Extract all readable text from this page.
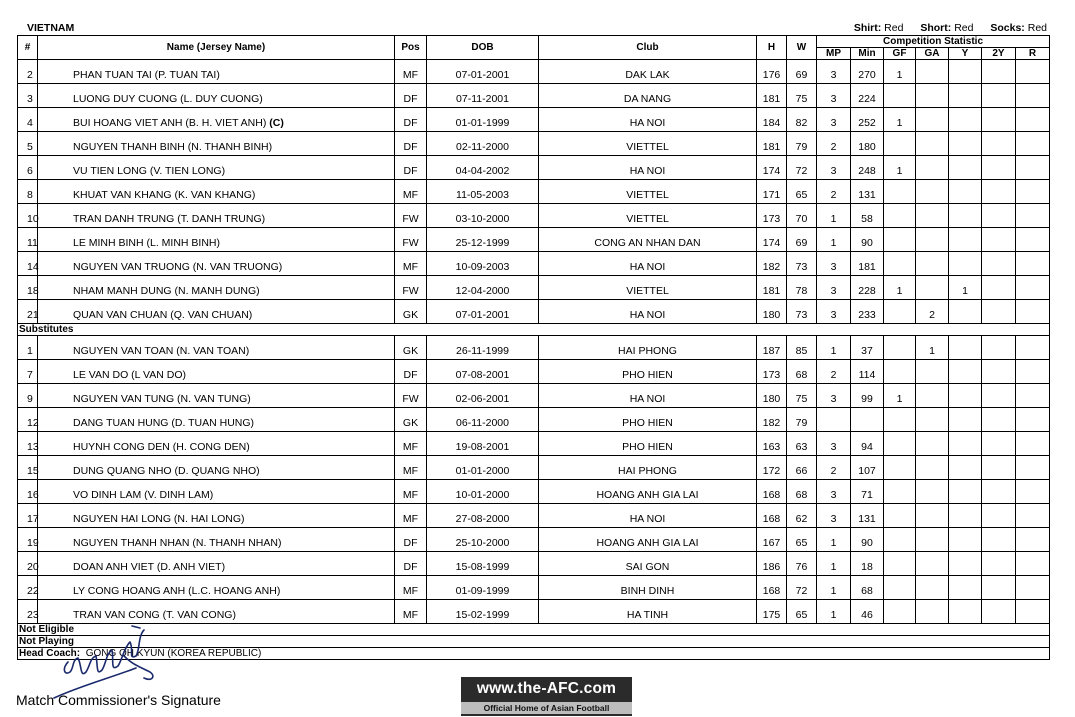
VIETNAM	Shirt: Red Short: Red Socks: Red
#	Name (Jersey Name)	Pos	DOB	Club	H	W	Competition Statistic						
							MP	Min	GF	GA	Y	2Y	R
2	PHAN TUAN TAI (P. TUAN TAI)	MF	07-01-2001	DAK LAK	176	69	3	270	1				
3	LUONG DUY CUONG (L. DUY CUONG)	DF	07-11-2001	DA NANG	181	75	3	224					
4	BUI HOANG VIET ANH (B. H. VIET ANH) (C)	DF	01-01-1999	HA NOI	184	82	3	252	1				
5	NGUYEN THANH BINH (N. THANH BINH)	DF	02-11-2000	VIETTEL	181	79	2	180					
6	VU TIEN LONG (V. TIEN LONG)	DF	04-04-2002	HA NOI	174	72	3	248	1				
8	KHUAT VAN KHANG (K. VAN KHANG)	MF	11-05-2003	VIETTEL	171	65	2	131					
10	TRAN DANH TRUNG (T. DANH TRUNG)	FW	03-10-2000	VIETTEL	173	70	1	58					
11	LE MINH BINH (L. MINH BINH)	FW	25-12-1999	CONG AN NHAN DAN	174	69	1	90					
14	NGUYEN VAN TRUONG (N. VAN TRUONG)	MF	10-09-2003	HA NOI	182	73	3	181					
18	NHAM MANH DUNG (N. MANH DUNG)	FW	12-04-2000	VIETTEL	181	78	3	228	1		1		
21	QUAN VAN CHUAN (Q. VAN CHUAN)	GK	07-01-2001	HA NOI	180	73	3	233		2			
Substitutes													
1	NGUYEN VAN TOAN (N. VAN TOAN)	GK	26-11-1999	HAI PHONG	187	85	1	37		1			
7	LE VAN DO (L VAN DO)	DF	07-08-2001	PHO HIEN	173	68	2	114					
9	NGUYEN VAN TUNG (N. VAN TUNG)	FW	02-06-2001	HA NOI	180	75	3	99	1				
12	DANG TUAN HUNG (D. TUAN HUNG)	GK	06-11-2000	PHO HIEN	182	79							
13	HUYNH CONG DEN (H. CONG DEN)	MF	19-08-2001	PHO HIEN	163	63	3	94					
15	DUNG QUANG NHO (D. QUANG NHO)	MF	01-01-2000	HAI PHONG	172	66	2	107					
16	VO DINH LAM (V. DINH LAM)	MF	10-01-2000	HOANG ANH GIA LAI	168	68	3	71					
17	NGUYEN HAI LONG (N. HAI LONG)	MF	27-08-2000	HA NOI	168	62	3	131					
19	NGUYEN THANH NHAN (N. THANH NHAN)	DF	25-10-2000	HOANG ANH GIA LAI	167	65	1	90					
20	DOAN ANH VIET (D. ANH VIET)	DF	15-08-1999	SAI GON	186	76	1	18					
22	LY CONG HOANG ANH (L.C. HOANG ANH)	MF	01-09-1999	BINH DINH	168	72	1	68					
23	TRAN VAN CONG (T. VAN CONG)	MF	15-02-1999	HA TINH	175	65	1	46					
Not Eligible													
Not Playing													
Head Coach: GONG OH KYUN (KOREA REPUBLIC)													
Match Commissioner's Signature
www.the-AFC.com
Official Home of Asian Football
